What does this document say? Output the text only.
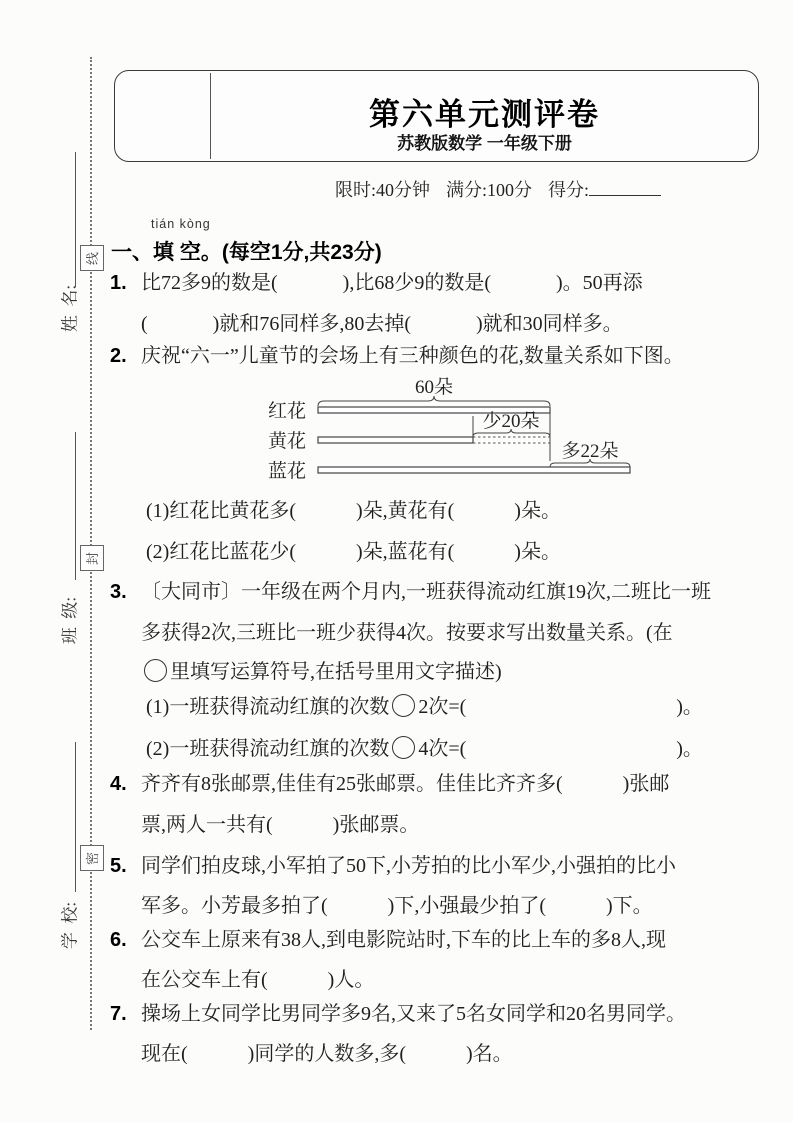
姓  名:
班  级:
学  校:
线
封
密
第六单元测评卷
苏教版数学 一年级下册
限时:40分钟 满分:100分 得分:
tián kòng
一、填 空。(每空1分,共23分)
1. 比72多9的数是(             ),比68少9的数是(             )。50再添
(             )就和76同样多,80去掉(             )就和30同样多。
2. 庆祝“六一”儿童节的会场上有三种颜色的花,数量关系如下图。
红花
黄花
蓝花
60朵
少20朵
多22朵
(1)红花比黄花多(            )朵,黄花有(            )朵。
(2)红花比蓝花少(            )朵,蓝花有(            )朵。
3. 〔大同市〕一年级在两个月内,一班获得流动红旗19次,二班比一班
多获得2次,三班比一班少获得4次。按要求写出数量关系。(在
里填写运算符号,在括号里用文字描述)
(1)一班获得流动红旗的次数 2次=(                                          )。
(2)一班获得流动红旗的次数 4次=(                                          )。
4. 齐齐有8张邮票,佳佳有25张邮票。佳佳比齐齐多(            )张邮
票,两人一共有(            )张邮票。
5. 同学们拍皮球,小军拍了50下,小芳拍的比小军少,小强拍的比小
军多。小芳最多拍了(            )下,小强最少拍了(            )下。
6. 公交车上原来有38人,到电影院站时,下车的比上车的多8人,现
在公交车上有(            )人。
7. 操场上女同学比男同学多9名,又来了5名女同学和20名男同学。
现在(            )同学的人数多,多(            )名。
